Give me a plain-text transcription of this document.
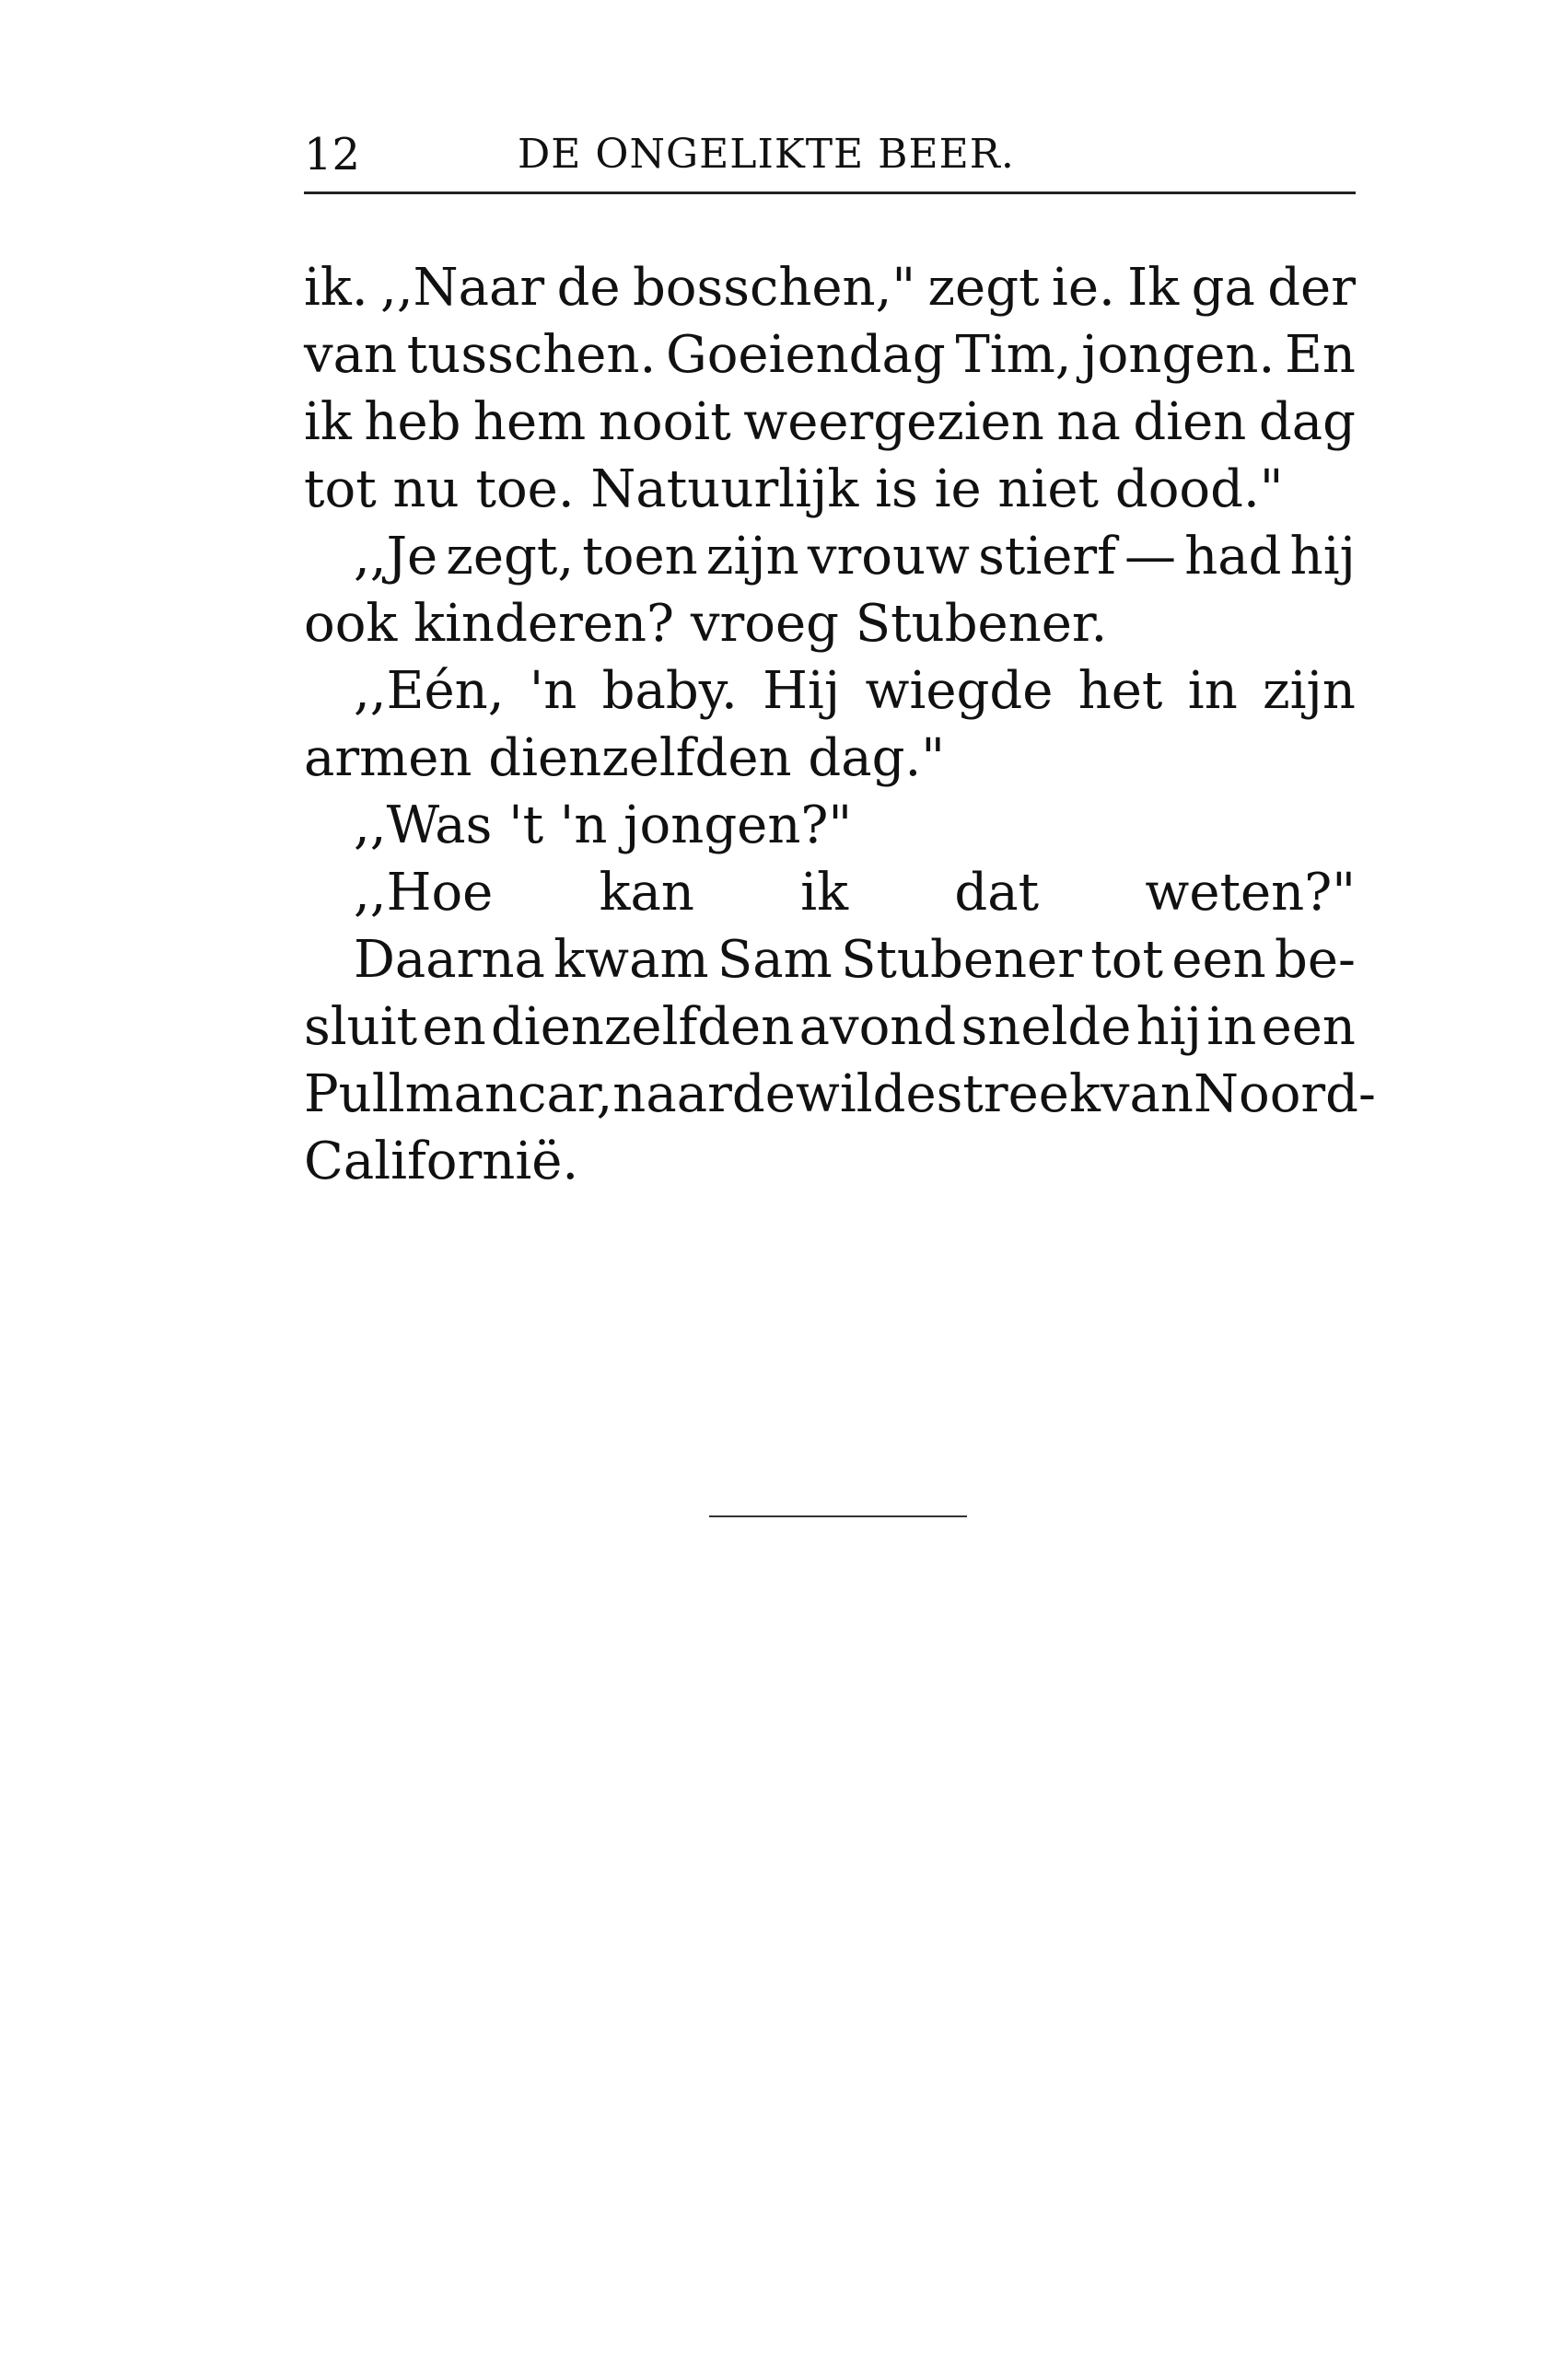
12	DE ONGELIKTE BEER.
ik. ,,Naar de bosschen," zegt ie. Ik ga der
van tusschen. Goeiendag Tim, jongen. En
ik heb hem nooit weergezien na dien dag
tot nu toe. Natuurlijk is ie niet dood."
,,Je zegt, toen zijn vrouw stierf — had hij
ook kinderen? vroeg Stubener.
,,Eén, 'n baby. Hij wiegde het in zijn
armen dienzelfden dag."
,,Was 't 'n jongen?"
,,Hoe kan ik dat weten?"
Daarna kwam Sam Stubener tot een be-
sluit en dienzelfden avond snelde hij in een
Pullmancar, naar de wilde streek van Noord-
Californië.
